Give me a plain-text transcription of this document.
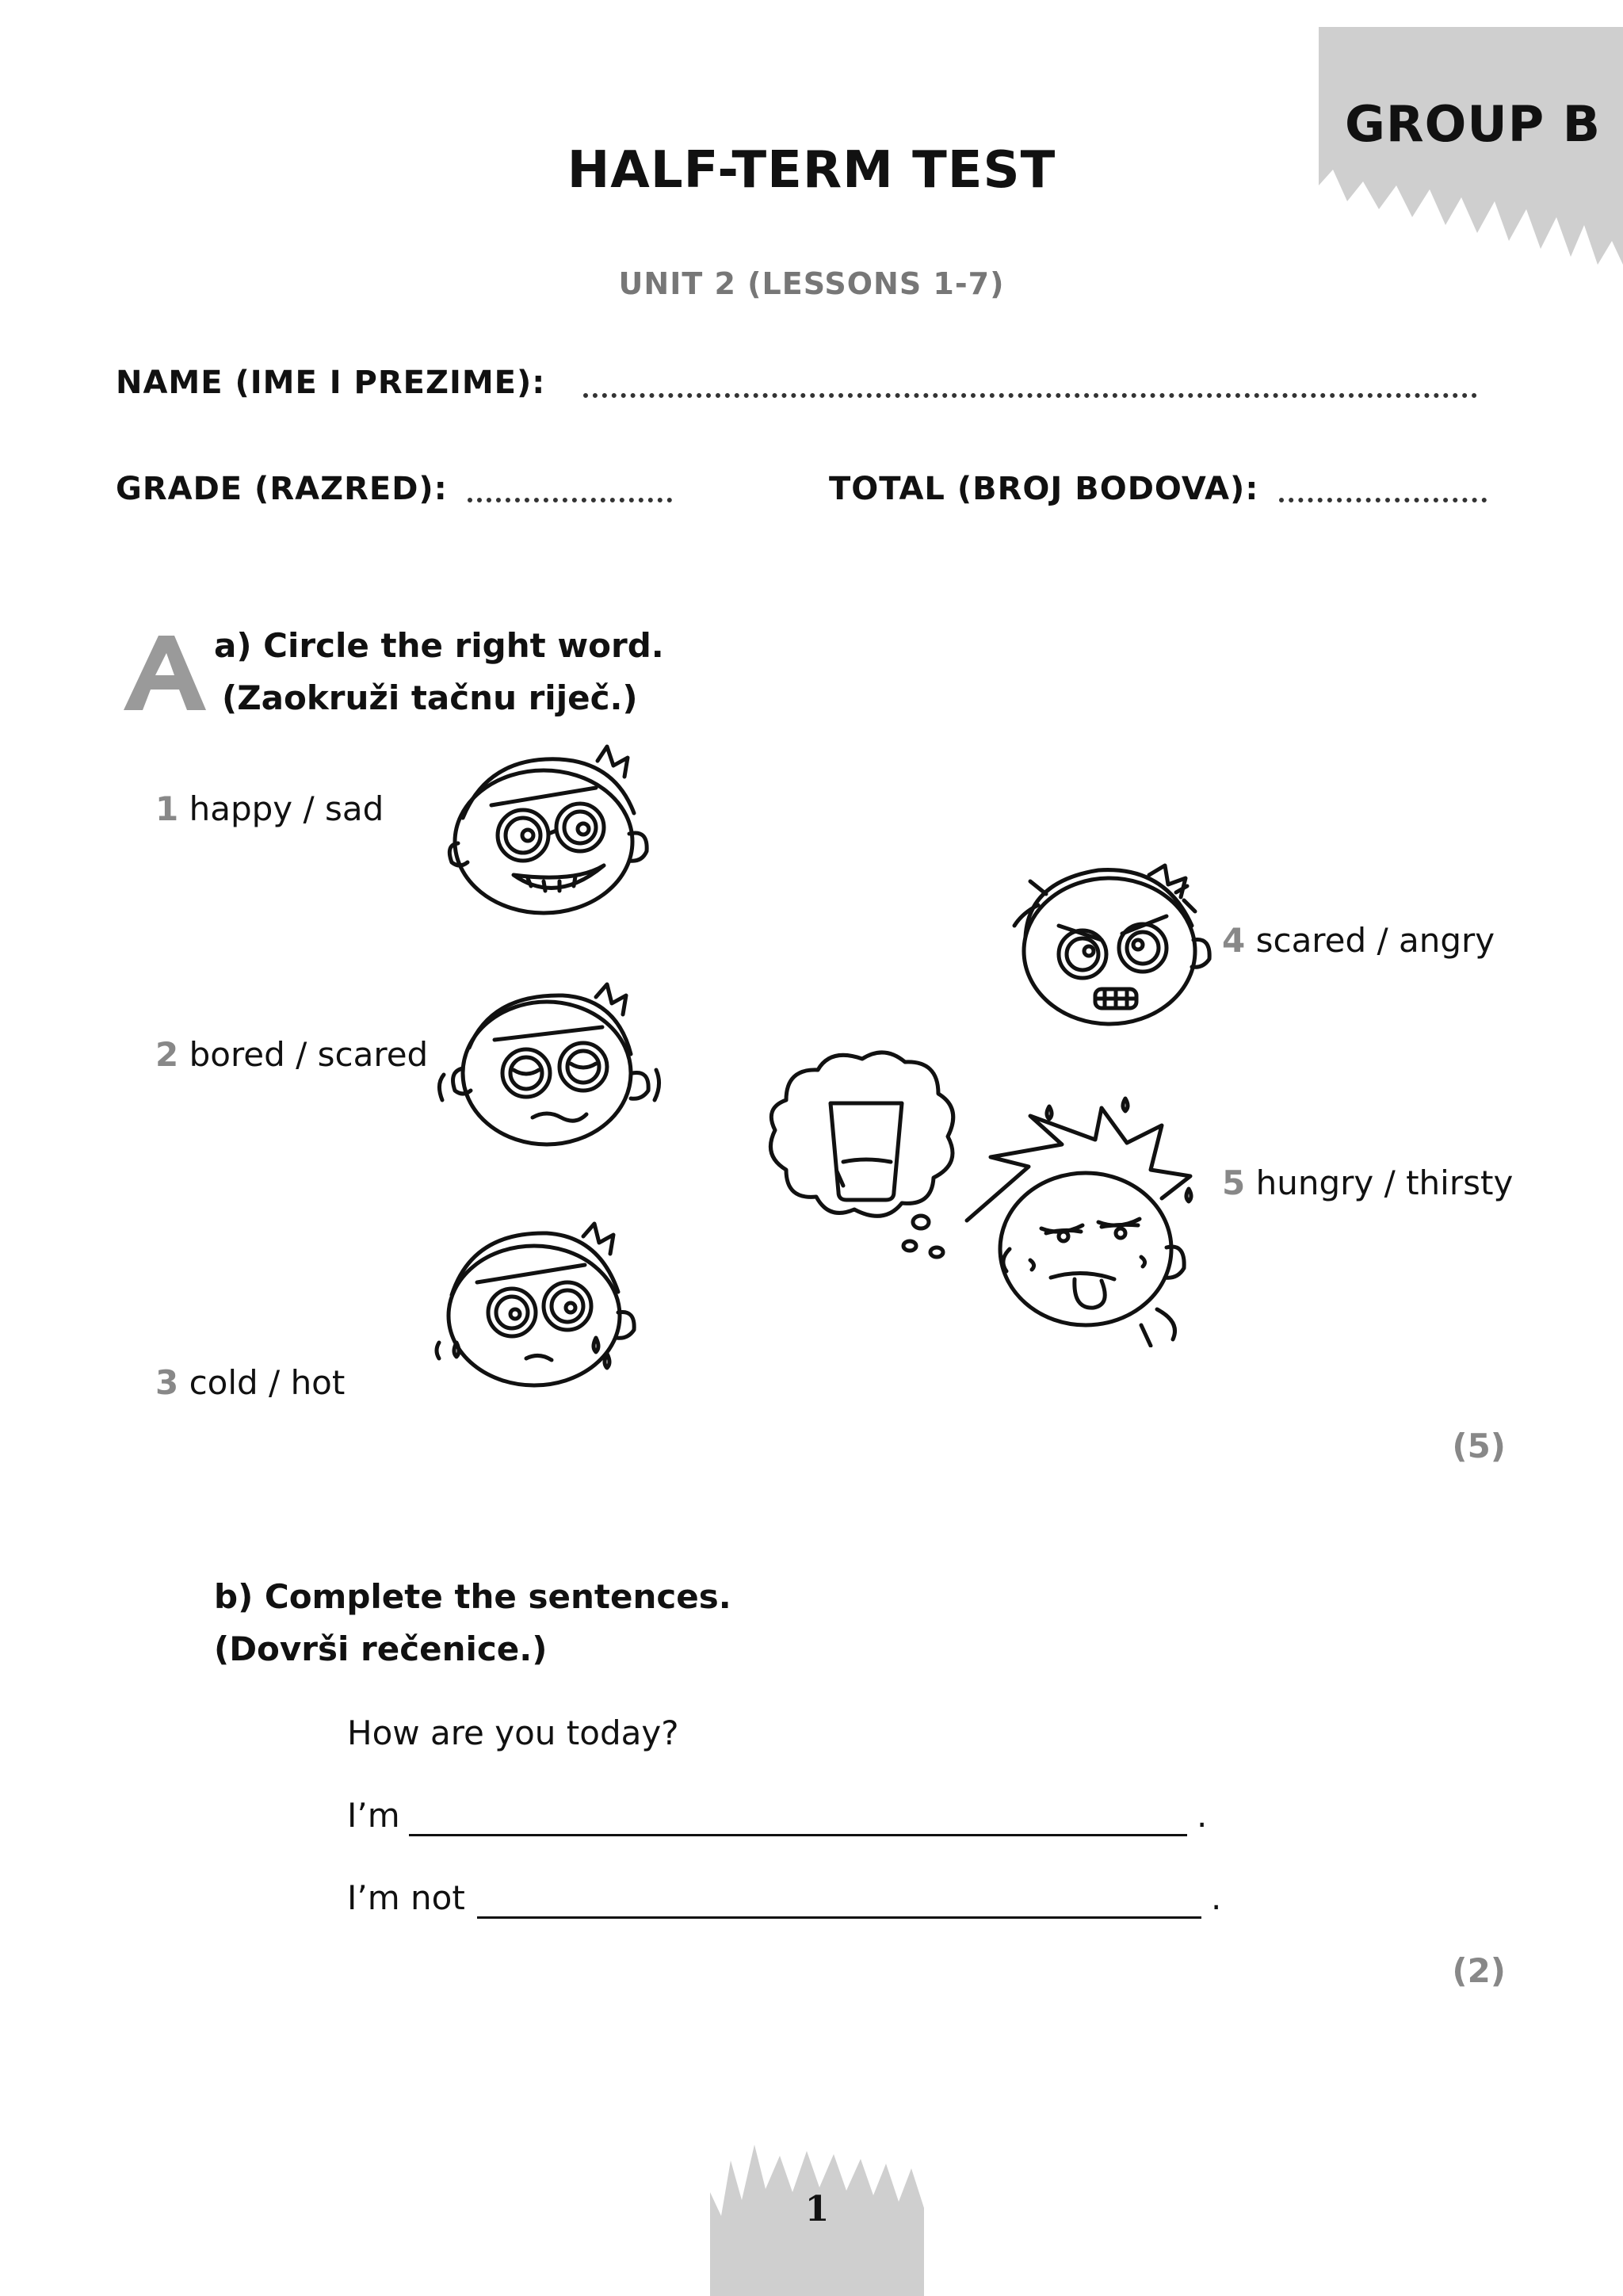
GROUP B
HALF-TERM TEST
UNIT 2 (LESSONS 1-7)
NAME (IME I PREZIME):
GRADE (RAZRED):	TOTAL (BROJ BODOVA):
a) Circle the right word.
(Zaokruži tačnu riječ.)
1 happy / sad
2 bored / scared
3 cold / hot
4 scared / angry
5 hungry / thirsty
(5)
b) Complete the sentences.
(Dovrši rečenice.)
How are you today?
I’m	.
I’m not	.
(2)
1
